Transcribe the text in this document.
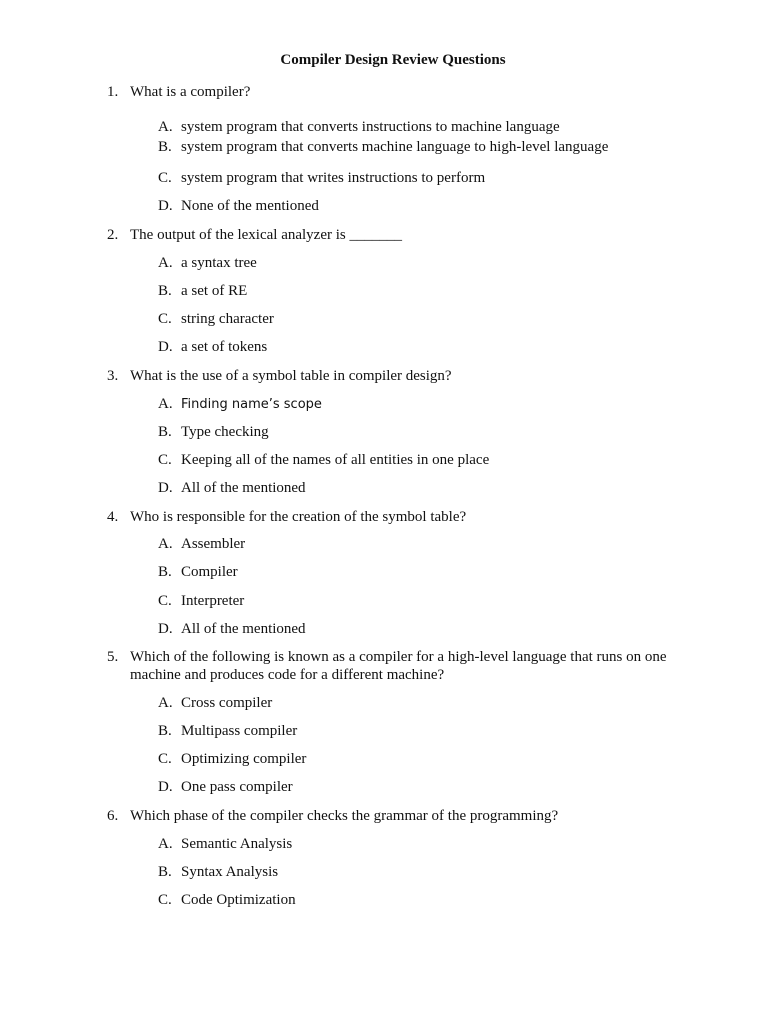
Compiler Design Review Questions
1. What is a compiler?
A. system program that converts instructions to machine language
B. system program that converts machine language to high-level language
C. system program that writes instructions to perform
D. None of the mentioned
2. The output of the lexical analyzer is _______
A. a syntax tree
B. a set of RE
C. string character
D. a set of tokens
3. What is the use of a symbol table in compiler design?
A. Finding name’s scope
B. Type checking
C. Keeping all of the names of all entities in one place
D. All of the mentioned
4. Who is responsible for the creation of the symbol table?
A. Assembler
B. Compiler
C. Interpreter
D. All of the mentioned
5. Which of the following is known as a compiler for a high-level language that runs on one machine and produces code for a different machine?
A. Cross compiler
B. Multipass compiler
C. Optimizing compiler
D. One pass compiler
6. Which phase of the compiler checks the grammar of the programming?
A. Semantic Analysis
B. Syntax Analysis
C. Code Optimization
